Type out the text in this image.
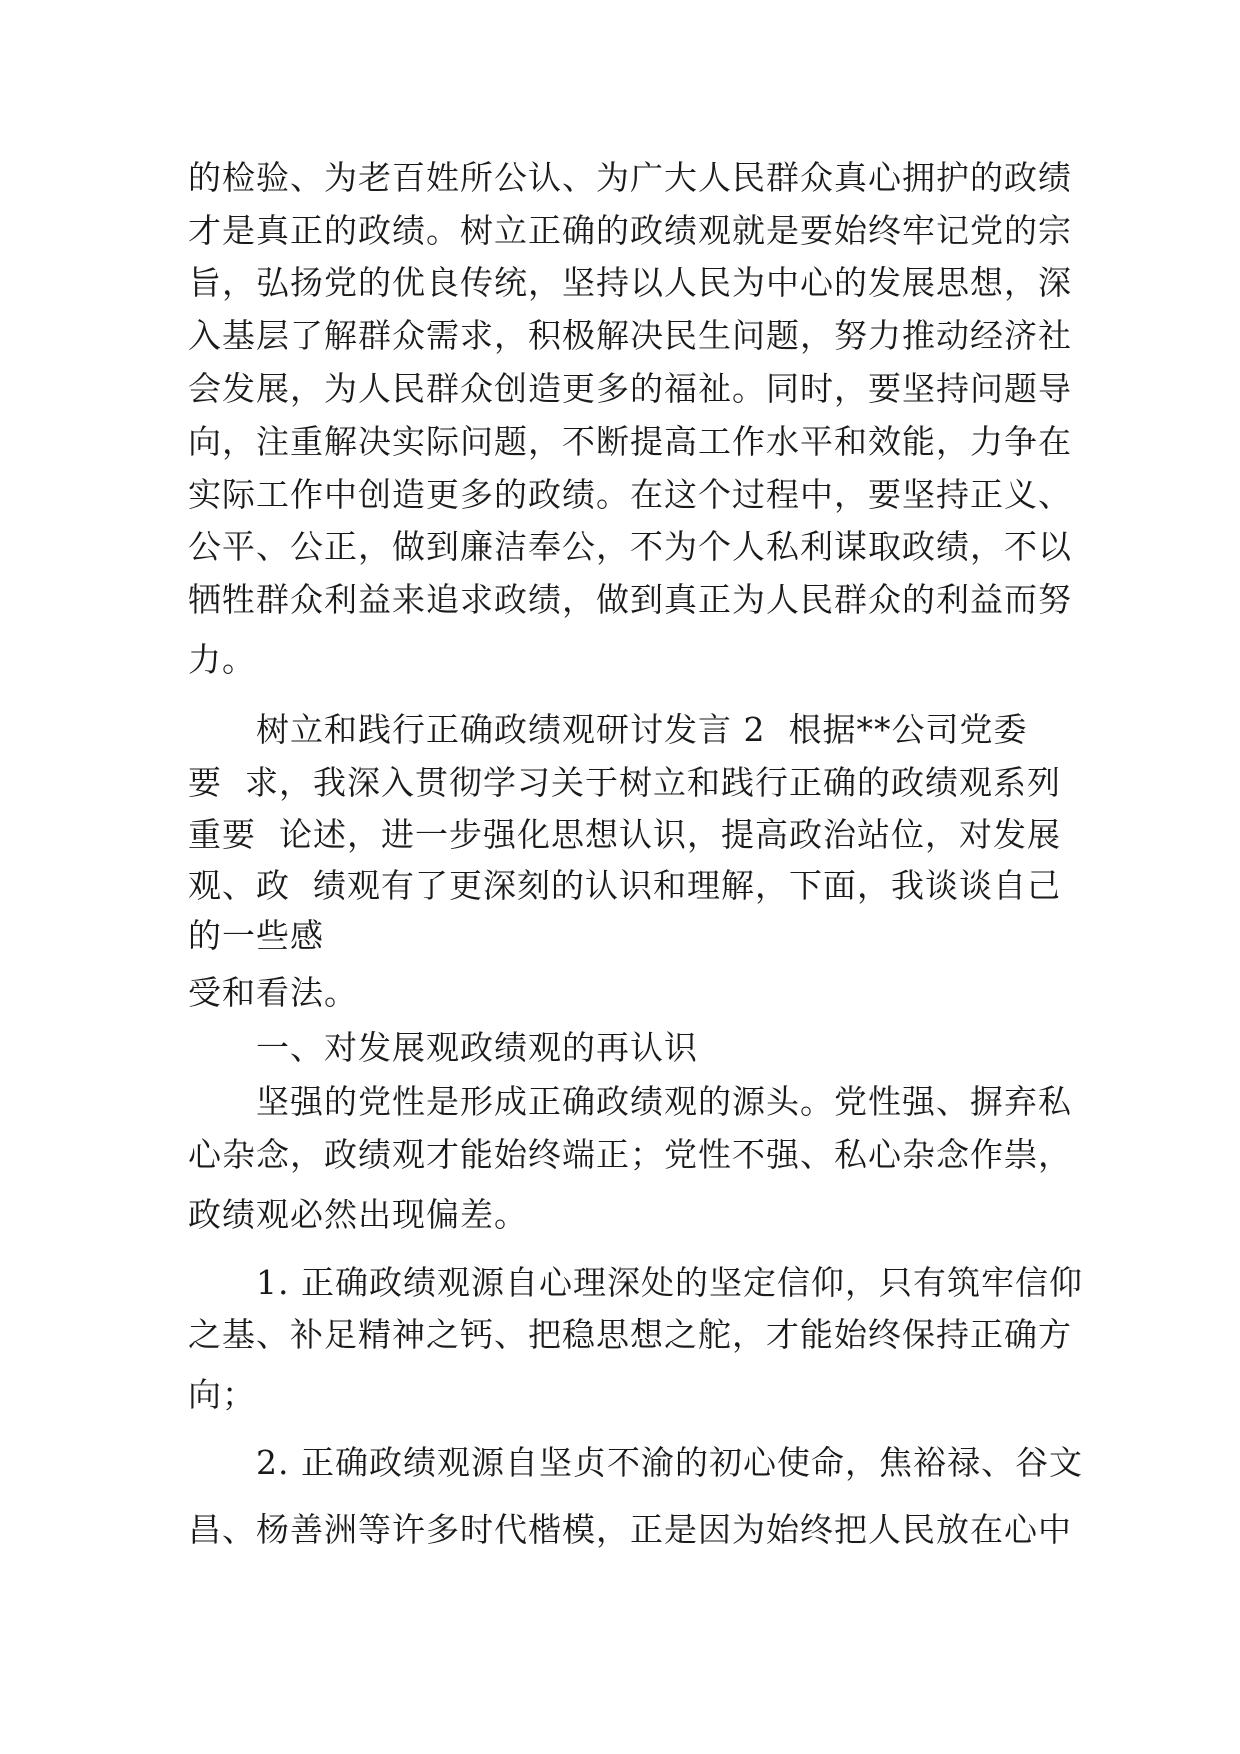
的检验、为老百姓所公认、为广大人民群众真心拥护的政绩
才是真正的政绩。树立正确的政绩观就是要始终牢记党的宗
旨，弘扬党的优良传统，坚持以人民为中心的发展思想，深
入基层了解群众需求，积极解决民生问题，努力推动经济社
会发展，为人民群众创造更多的福祉。同时，要坚持问题导
向，注重解决实际问题，不断提高工作水平和效能，力争在
实际工作中创造更多的政绩。在这个过程中，要坚持正义、
公平、公正，做到廉洁奉公，不为个人私利谋取政绩，不以
牺牲群众利益来追求政绩，做到真正为人民群众的利益而努
力。
树立和践行正确政绩观研讨发言 2  根据**公司党委
要  求，我深入贯彻学习关于树立和践行正确的政绩观系列
重要  论述，进一步强化思想认识，提高政治站位，对发展
观、政  绩观有了更深刻的认识和理解，下面，我谈谈自己
的一些感
受和看法。
一、对发展观政绩观的再认识
坚强的党性是形成正确政绩观的源头。党性强、摒弃私
心杂念，政绩观才能始终端正；党性不强、私心杂念作祟，
政绩观必然出现偏差。
1. 正确政绩观源自心理深处的坚定信仰，只有筑牢信仰
之基、补足精神之钙、把稳思想之舵，才能始终保持正确方
向；
2. 正确政绩观源自坚贞不渝的初心使命，焦裕禄、谷文
昌、杨善洲等许多时代楷模，正是因为始终把人民放在心中
